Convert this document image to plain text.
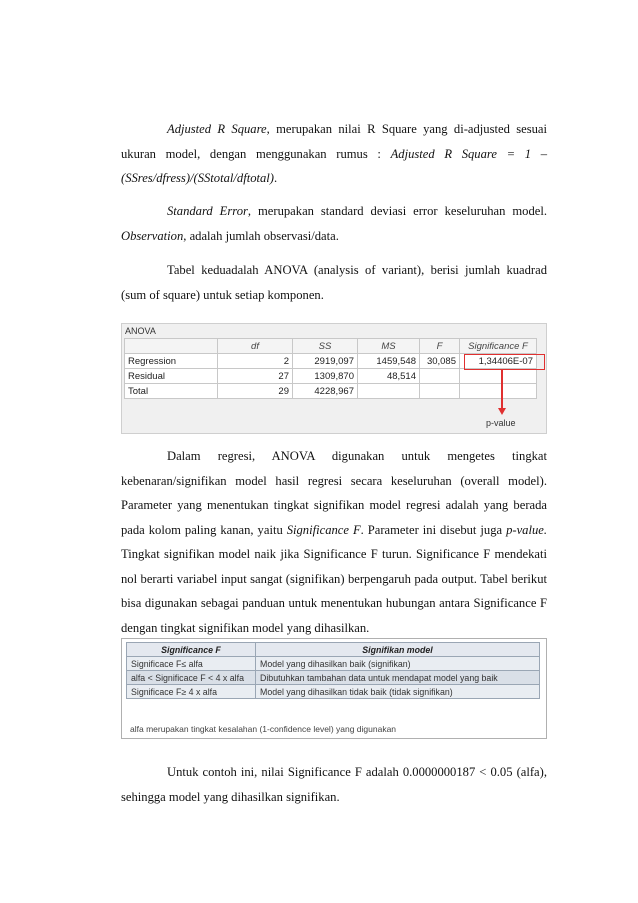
Adjusted R Square, merupakan nilai R Square yang di-adjusted sesuai ukuran model, dengan menggunakan rumus : Adjusted R Square = 1 – (SSres/dfress)/(SStotal/dftotal).

Standard Error, merupakan standard deviasi error keseluruhan model. Observation, adalah jumlah observasi/data.

Tabel keduadalah ANOVA (analysis of variant), berisi jumlah kuadrad (sum of square) untuk setiap komponen.

ANOVA
	df	SS	MS	F	Significance F
Regression	2	2919,097	1459,548	30,085	1,34406E-07
Residual	27	1309,870	48,514		
Total	29	4228,967			
p-value

Dalam regresi, ANOVA digunakan untuk mengetes tingkat kebenaran/signifikan model hasil regresi secara keseluruhan (overall model). Parameter yang menentukan tingkat signifikan model regresi adalah yang berada pada kolom paling kanan, yaitu Significance F. Parameter ini disebut juga p-value. Tingkat signifikan model naik jika Significance F turun. Significance F mendekati nol berarti variabel input sangat (signifikan) berpengaruh pada output. Tabel berikut bisa digunakan sebagai panduan untuk menentukan hubungan antara Significance F dengan tingkat signifikan model yang dihasilkan.

Significance F	Signifikan model
Significace F≤ alfa	Model yang dihasilkan baik (signifikan)
alfa < Significace F < 4 x alfa	Dibutuhkan tambahan data untuk mendapat model yang baik
Significace F≥ 4 x alfa	Model yang dihasilkan tidak baik (tidak signifikan)
alfa merupakan tingkat kesalahan (1-confidence level) yang digunakan

Untuk contoh ini, nilai Significance F adalah 0.0000000187 < 0.05 (alfa), sehingga model yang dihasilkan signifikan.
